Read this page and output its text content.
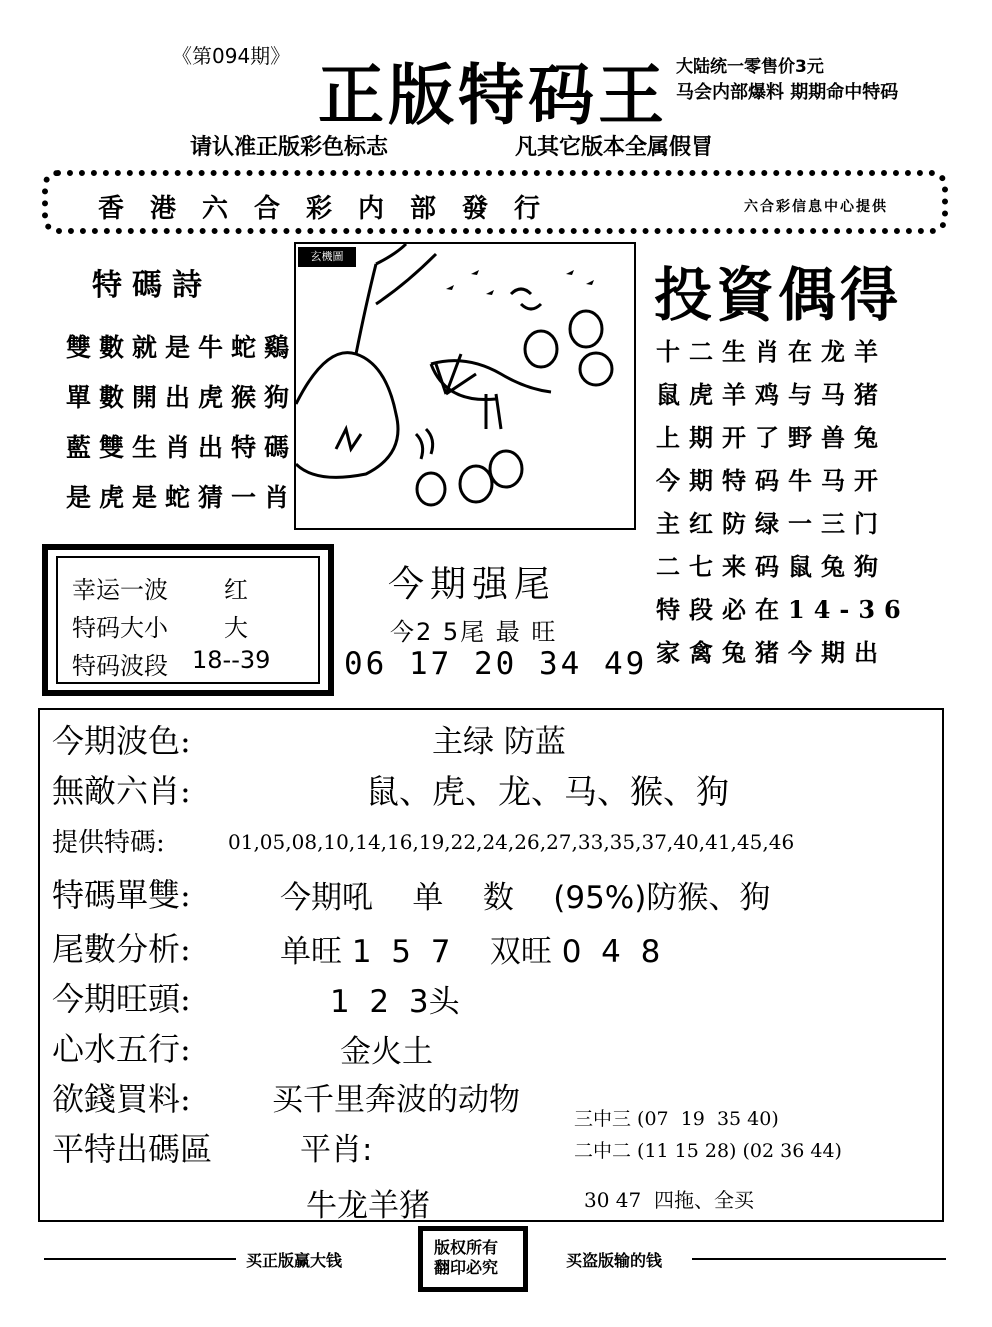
《第094期》 正版特码王 大陆统一零售价3元
马会内部爆料 期期命中特码
请认准正版彩色标志	凡其它版本全属假冒
香港六合彩内部發行	六合彩信息中心提供
特碼詩
雙數就是牛蛇鷄
單數開出虎猴狗
藍雙生肖出特碼
是虎是蛇猜一肖
玄機圖
投資偶得
十二生肖在龙羊
鼠虎羊鸡与马猪
上期开了野兽兔
今期特码牛马开
主红防绿一三门
二七来码鼠兔狗
特段必在14-36
家禽兔猪今期出
幸运一波 红
特码大小 大
特码波段 18--39
今期强尾
今2 5尾 最 旺
06 17 20 34 49
今期波色:	主绿 防蓝
無敵六肖:	鼠、虎、龙、马、猴、狗
提供特碼:	01,05,08,10,14,16,19,22,24,26,27,33,35,37,40,41,45,46
特碼單雙:	今期吼    单    数    (95%)防猴、狗
尾數分析:	单旺 1  5  7    双旺 0  4  8
今期旺頭:	1  2  3头
心水五行:	金火土
欲錢買料:	买千里奔波的动物
三中三 (07  19  35 40)
二中二 (11 15 28) (02 36 44)
平特出碼區	平肖:
牛龙羊猪	30 47  四拖、全买
买正版赢大钱	买盗版输的钱
版权所有
翻印必究
